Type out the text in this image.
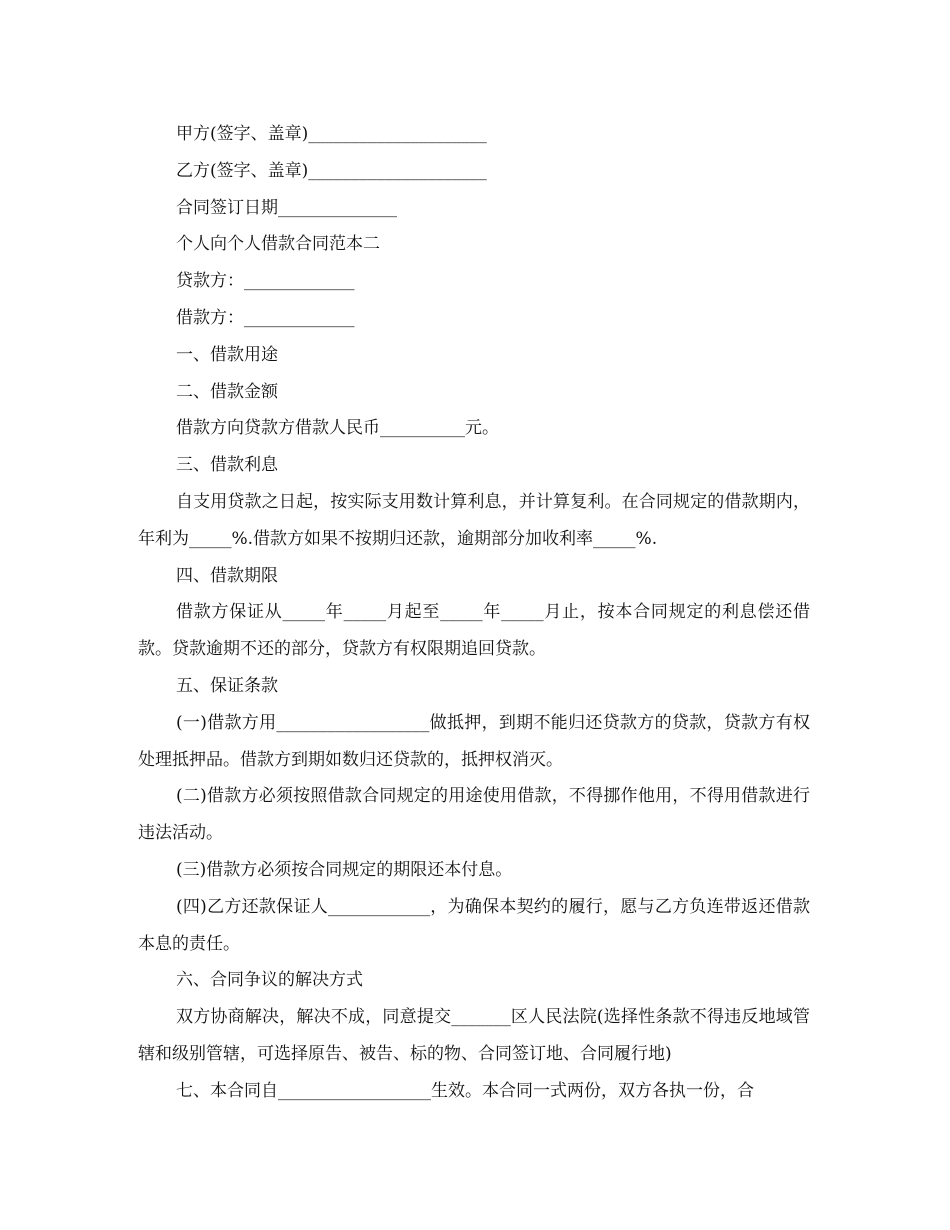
甲方(签字、盖章)_____________________

乙方(签字、盖章)_____________________

合同签订日期______________

个人向个人借款合同范本二

贷款方：_____________

借款方：_____________

一、借款用途

二、借款金额

借款方向贷款方借款人民币__________元。

三、借款利息

自支用贷款之日起，按实际支用数计算利息，并计算复利。在合同规定的借款期内，年利为_____%.借款方如果不按期归还款，逾期部分加收利率_____%.

四、借款期限

借款方保证从_____年_____月起至_____年_____月止，按本合同规定的利息偿还借款。贷款逾期不还的部分，贷款方有权限期追回贷款。

五、保证条款

(一)借款方用__________________做抵押，到期不能归还贷款方的贷款，贷款方有权处理抵押品。借款方到期如数归还贷款的，抵押权消灭。

(二)借款方必须按照借款合同规定的用途使用借款，不得挪作他用，不得用借款进行违法活动。

(三)借款方必须按合同规定的期限还本付息。

(四)乙方还款保证人____________，为确保本契约的履行，愿与乙方负连带返还借款本息的责任。

六、合同争议的解决方式

双方协商解决，解决不成，同意提交_______区人民法院(选择性条款不得违反地域管辖和级别管辖，可选择原告、被告、标的物、合同签订地、合同履行地)

七、本合同自__________________生效。本合同一式两份，双方各执一份，合
